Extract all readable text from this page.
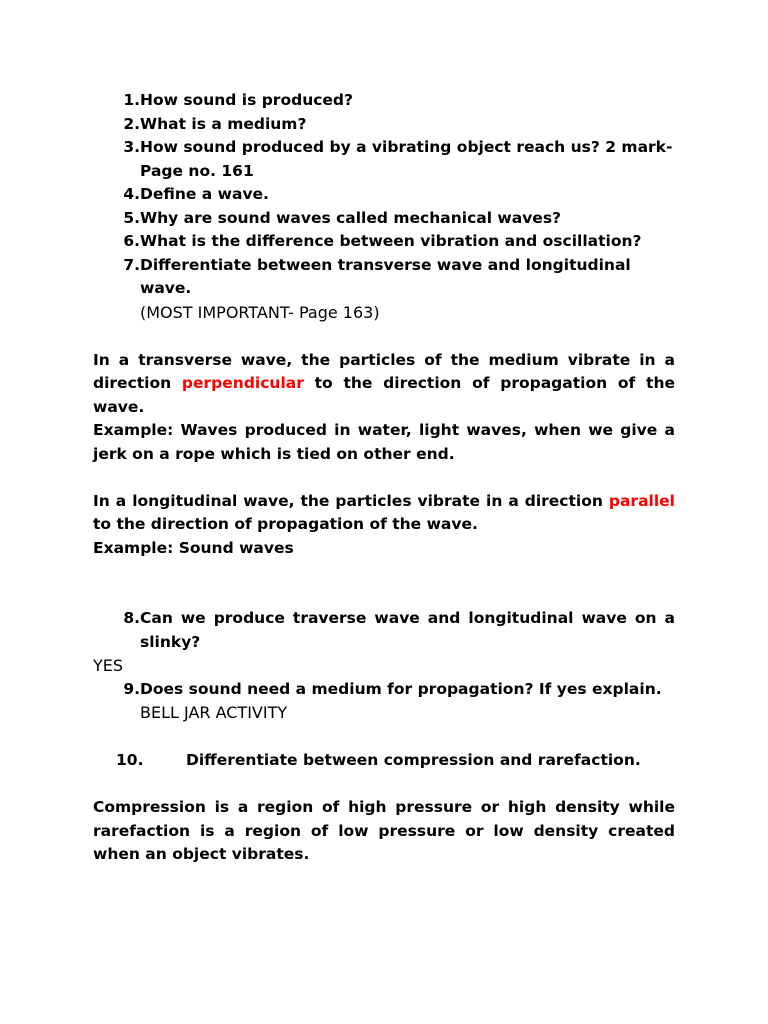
1. How sound is produced?
2. What is a medium?
3. How sound produced by a vibrating object reach us? 2 mark-
Page no. 161
4. Define a wave.
5. Why are sound waves called mechanical waves?
6. What is the difference between vibration and oscillation?
7. Differentiate between transverse wave and longitudinal wave.
(MOST IMPORTANT- Page 163)
In a transverse wave, the particles of the medium vibrate in a direction perpendicular to the direction of propagation of the wave.
Example: Waves produced in water, light waves, when we give a jerk on a rope which is tied on other end.
In a longitudinal wave, the particles vibrate in a direction parallel to the direction of propagation of the wave.
Example: Sound waves
8. Can we produce traverse wave and longitudinal wave on a slinky?
YES
9. Does sound need a medium for propagation? If yes explain.
BELL JAR ACTIVITY
10.	Differentiate between compression and rarefaction.
Compression is a region of high pressure or high density while rarefaction is a region of low pressure or low density created when an object vibrates.
